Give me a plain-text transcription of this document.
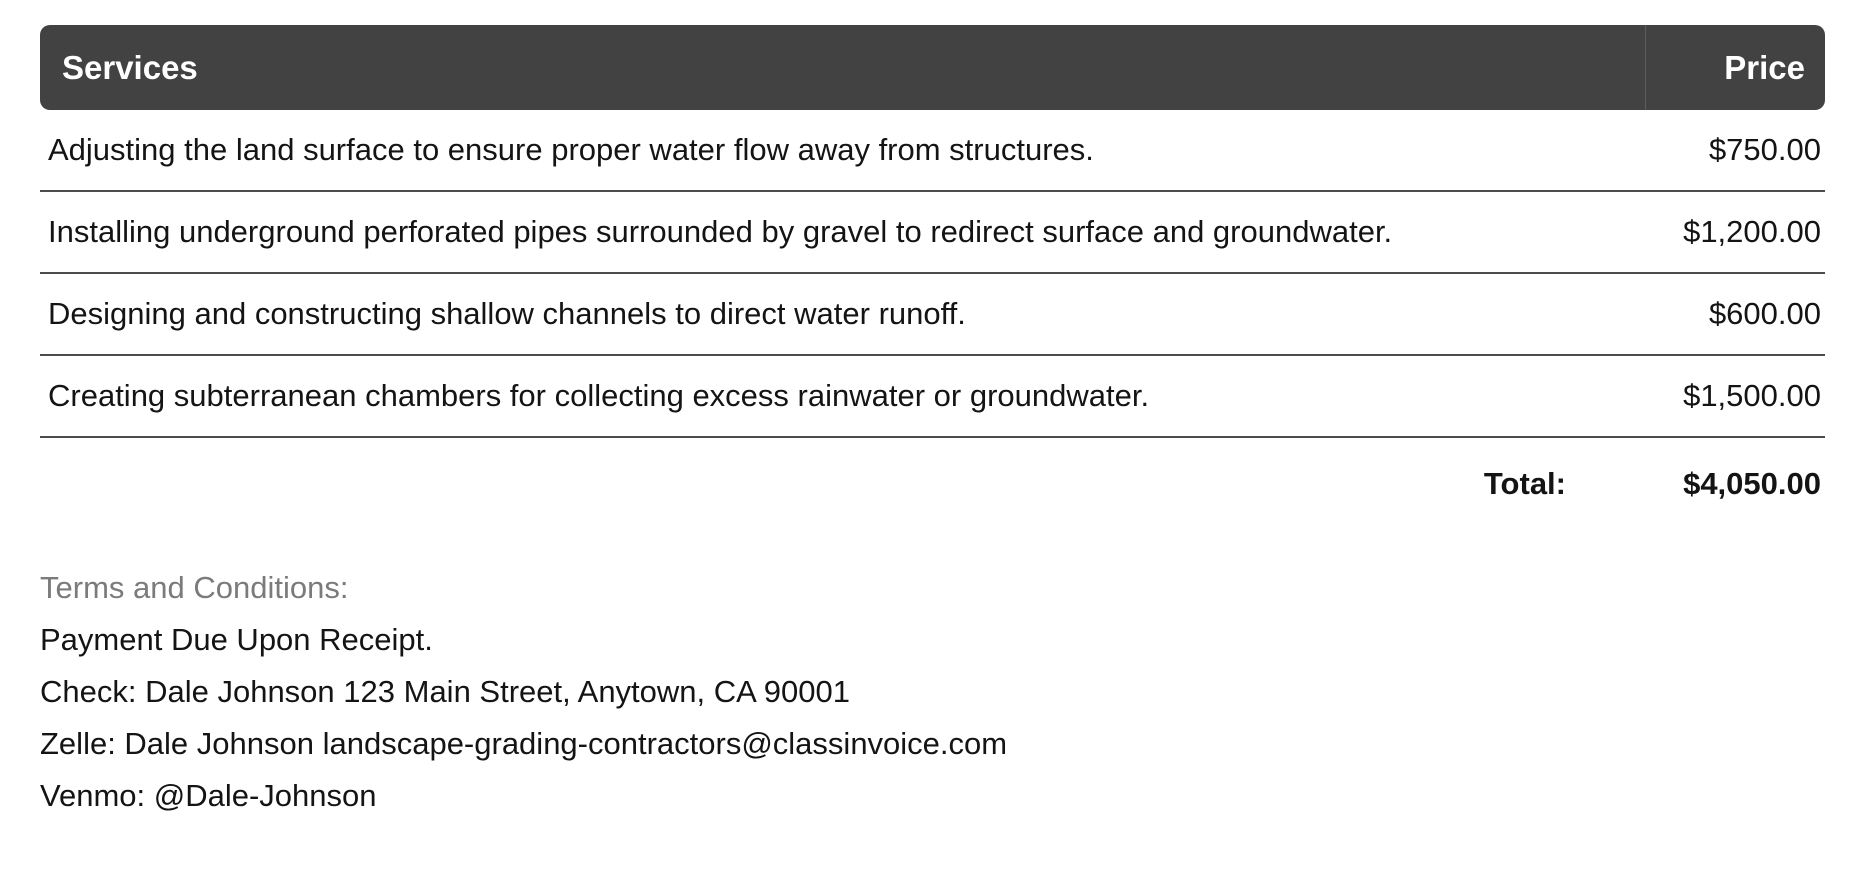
Services	Price
Adjusting the land surface to ensure proper water flow away from structures.	$750.00
Installing underground perforated pipes surrounded by gravel to redirect surface and groundwater.	$1,200.00
Designing and constructing shallow channels to direct water runoff.	$600.00
Creating subterranean chambers for collecting excess rainwater or groundwater.	$1,500.00
Total:	$4,050.00
Terms and Conditions:
Payment Due Upon Receipt.
Check: Dale Johnson 123 Main Street, Anytown, CA 90001
Zelle: Dale Johnson landscape-grading-contractors@classinvoice.com
Venmo: @Dale-Johnson
